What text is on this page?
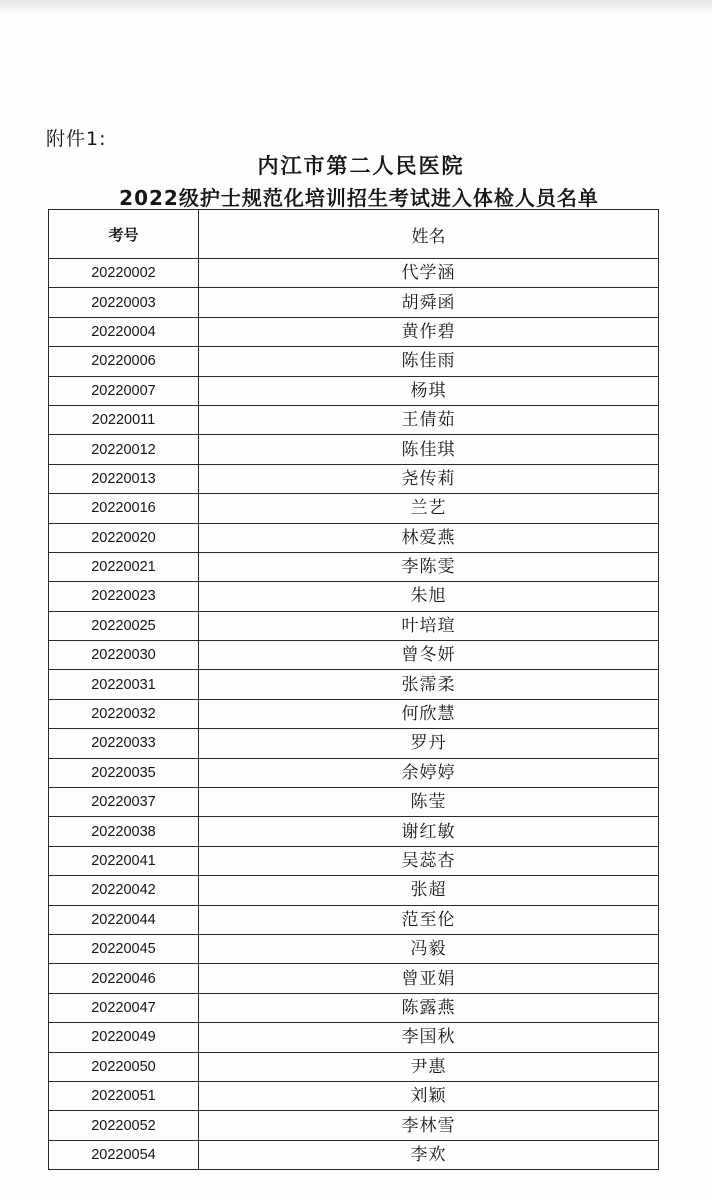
附件1:
内江市第二人民医院
2022级护士规范化培训招生考试进入体检人员名单
考号	姓名
20220002	代学涵
20220003	胡舜函
20220004	黄作碧
20220006	陈佳雨
20220007	杨琪
20220011	王倩茹
20220012	陈佳琪
20220013	尧传莉
20220016	兰艺
20220020	林爱燕
20220021	李陈雯
20220023	朱旭
20220025	叶培瑄
20220030	曾冬妍
20220031	张霈柔
20220032	何欣慧
20220033	罗丹
20220035	余婷婷
20220037	陈莹
20220038	谢红敏
20220041	吴蕊杏
20220042	张超
20220044	范至伦
20220045	冯毅
20220046	曾亚娟
20220047	陈露燕
20220049	李国秋
20220050	尹惠
20220051	刘颖
20220052	李林雪
20220054	李欢
